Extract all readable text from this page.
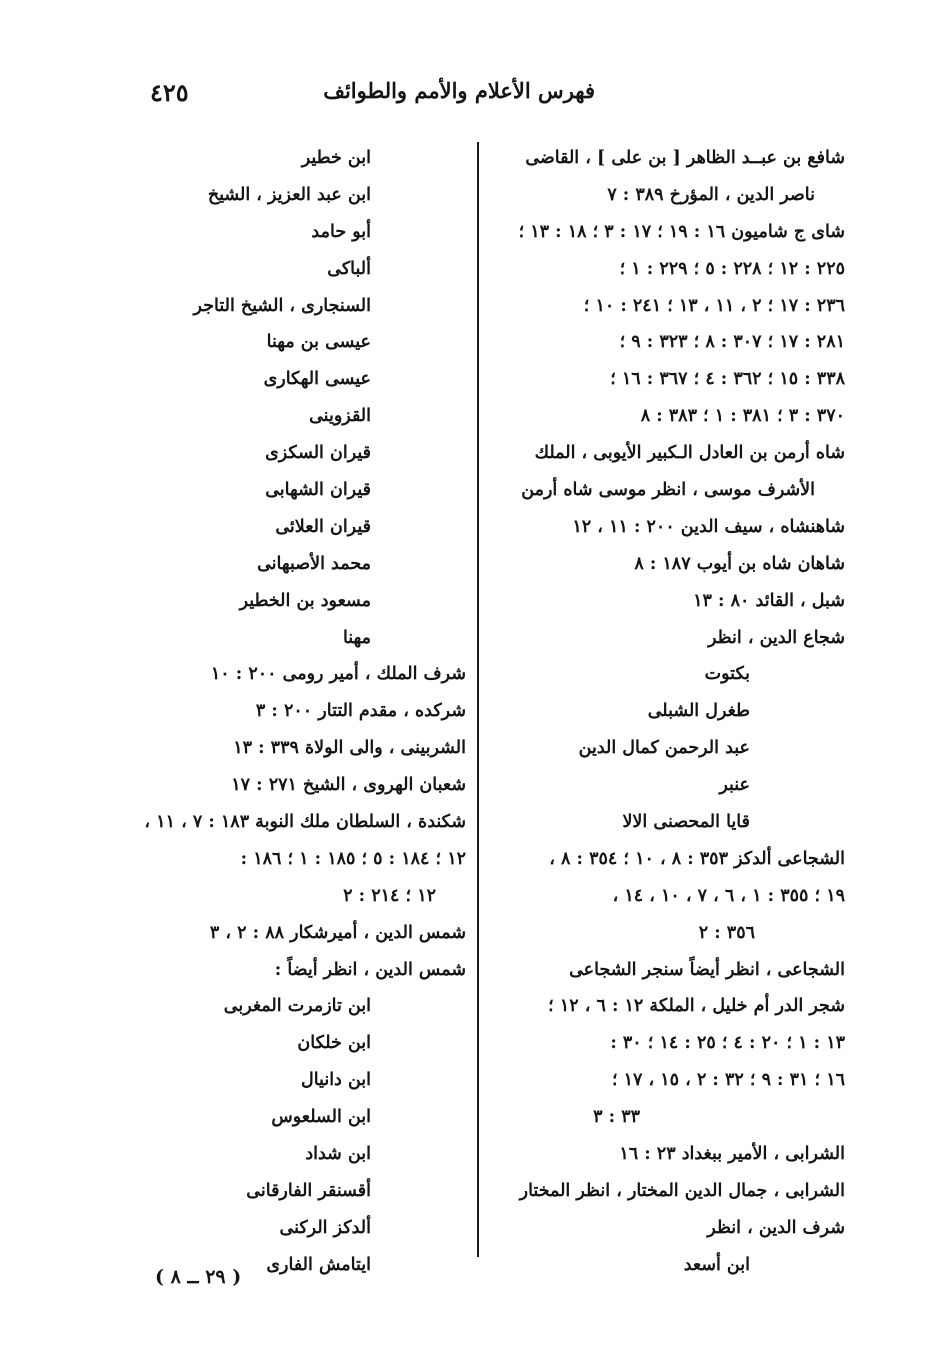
فهرس الأعلام والأمم والطوائف
٤٢٥
شافع بن عبــد الظاهر [ بن على ] ، القاضى
ناصر الدين ، المؤرخ ٣٨٩ : ٧
شاى ج شاميون ١٦ : ١٩ ؛ ١٧ : ٣ ؛ ١٨ : ١٣ ؛
٢٢٥ : ١٢ ؛ ٢٢٨ : ٥ ؛ ٢٢٩ : ١ ؛
٢٣٦ : ١٧ ؛ ٢ ، ١١ ، ١٣ ؛ ٢٤١ : ١٠ ؛
٢٨١ : ١٧ ؛ ٣٠٧ : ٨ ؛ ٣٢٣ : ٩ ؛
٣٣٨ : ١٥ ؛ ٣٦٢ : ٤ ؛ ٣٦٧ : ١٦ ؛
٣٧٠ : ٣ ؛ ٣٨١ : ١ ؛ ٣٨٣ : ٨
شاه أرمن بن العادل الـكبير الأيوبى ، الملك
الأشرف موسى ، انظر موسى شاه أرمن
شاهنشاه ، سيف الدين ٢٠٠ : ١١ ، ١٢
شاهان شاه بن أيوب ١٨٧ : ٨
شبل ، القائد ٨٠ : ١٣
شجاع الدين ، انظر
بكتوت
طغرل الشبلى
عبد الرحمن كمال الدين
عنبر
قايا المحصنى الالا
الشجاعى ألدكز ٣٥٣ : ٨ ، ١٠ ؛ ٣٥٤ : ٨ ،
١٩ ؛ ٣٥٥ : ١ ، ٦ ، ٧ ، ١٠ ، ١٤ ،
٣٥٦ : ٢
الشجاعى ، انظر أيضاً سنجر الشجاعى
شجر الدر أم خليل ، الملكة ١٢ : ٦ ، ١٢ ؛
١٣ : ١ ؛ ٢٠ : ٤ ؛ ٢٥ : ١٤ ؛ ٣٠ :
١٦ ؛ ٣١ : ٩ ؛ ٣٢ : ٢ ، ١٥ ، ١٧ ؛
٣٣ : ٣
الشرابى ، الأمير ببغداد ٢٣ : ١٦
الشرابى ، جمال الدين المختار ، انظر المختار
شرف الدين ، انظر
ابن أسعد
ابن خطير
ابن عبد العزيز ، الشيخ
أبو حامد
ألباكى
السنجارى ، الشيخ التاجر
عيسى بن مهنا
عيسى الهكارى
القزوينى
قيران السكزى
قيران الشهابى
قيران العلائى
محمد الأصبهانى
مسعود بن الخطير
مهنا
شرف الملك ، أمير رومى ٢٠٠ : ١٠
شركده ، مقدم التتار ٢٠٠ : ٣
الشربينى ، والى الولاة ٣٣٩ : ١٣
شعبان الهروى ، الشيخ ٢٧١ : ١٧
شكندة ، السلطان ملك النوبة ١٨٣ : ٧ ، ١١ ،
١٢ ؛ ١٨٤ : ٥ ؛ ١٨٥ : ١ ؛ ١٨٦ :
١٢ ؛ ٢١٤ : ٢
شمس الدين ، أميرشكار ٨٨ : ٢ ، ٣
شمس الدين ، انظر أيضاً :
ابن تازمرت المغربى
ابن خلكان
ابن دانيال
ابن السلعوس
ابن شداد
أقسنقر الفارقانى
ألدكز الركنى
ايتامش الفارى
( ٢٩ ــ ٨ )
